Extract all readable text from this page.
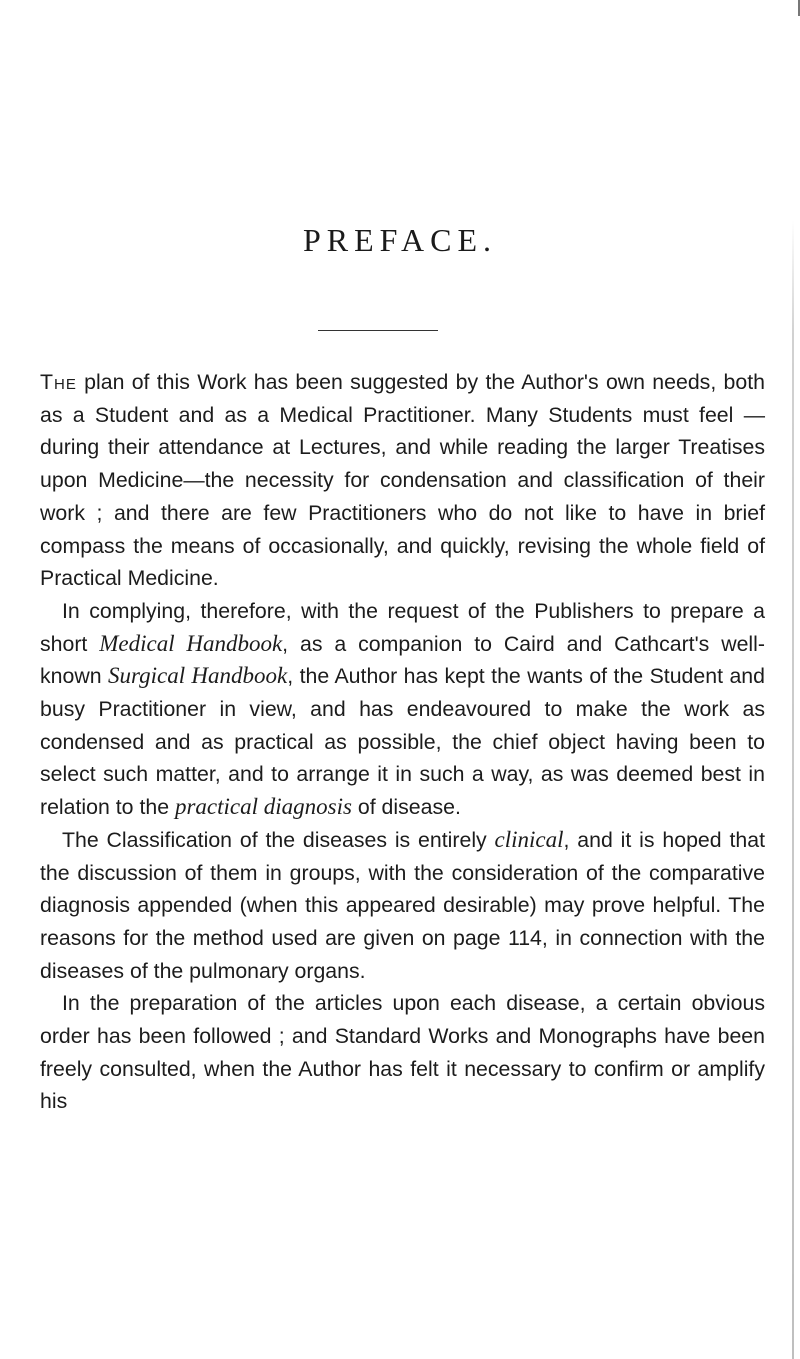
PREFACE.

The plan of this Work has been suggested by the Author's own needs, both as a Student and as a Medical Practitioner. Many Students must feel — during their attendance at Lectures, and while reading the larger Treatises upon Medicine—the necessity for condensation and classification of their work ; and there are few Practitioners who do not like to have in brief compass the means of occasionally, and quickly, revising the whole field of Practical Medicine.

In complying, therefore, with the request of the Publishers to prepare a short Medical Handbook, as a companion to Caird and Cathcart's well-known Surgical Handbook, the Author has kept the wants of the Student and busy Practitioner in view, and has endeavoured to make the work as condensed and as practical as possible, the chief object having been to select such matter, and to arrange it in such a way, as was deemed best in relation to the practical diagnosis of disease.

The Classification of the diseases is entirely clinical, and it is hoped that the discussion of them in groups, with the consideration of the comparative diagnosis appended (when this appeared desirable) may prove helpful. The reasons for the method used are given on page 114, in connection with the diseases of the pulmonary organs.

In the preparation of the articles upon each disease, a certain obvious order has been followed ; and Standard Works and Monographs have been freely consulted, when the Author has felt it necessary to confirm or amplify his
